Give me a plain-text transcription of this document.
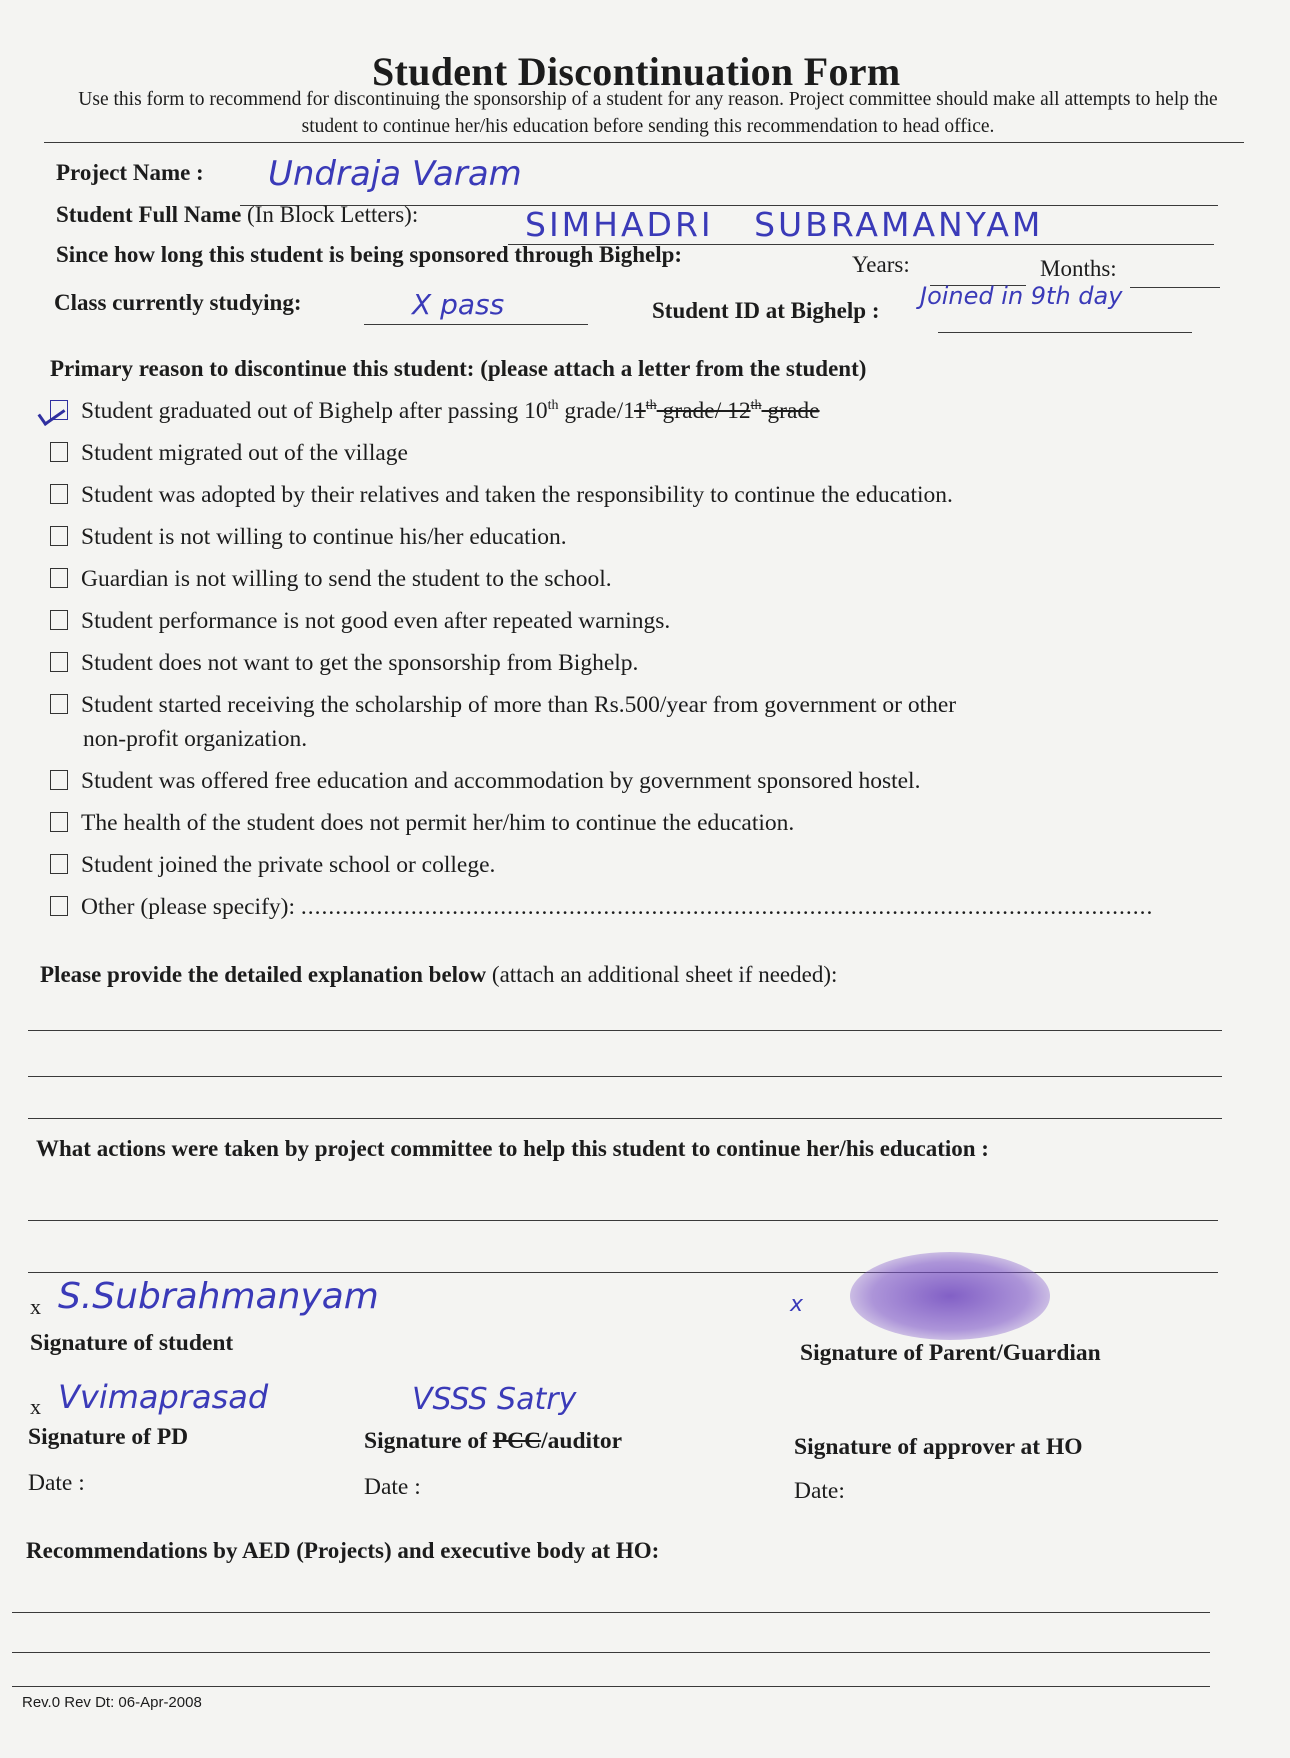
Student Discontinuation Form
Use this form to recommend for discontinuing the sponsorship of a student for any reason. Project committee should make all attempts to help the student to continue her/his education before sending this recommendation to head office.
Project Name : Undraja Varam
Student Full Name (In Block Letters):	SIMHADRI   SUBRAMANYAM
Since how long this student is being sponsored through Bighelp:	Years:	Months:
Class currently studying:	X pass	Student ID at Bighelp :
Joined in 9th day
Primary reason to discontinue this student: (please attach a letter from the student)
Student graduated out of Bighelp after passing 10th grade/11th grade/ 12th grade
Student migrated out of the village
Student was adopted by their relatives and taken the responsibility to continue the education.
Student is not willing to continue his/her education.
Guardian is not willing to send the student to the school.
Student performance is not good even after repeated warnings.
Student does not want to get the sponsorship from Bighelp.
Student started receiving the scholarship of more than Rs.500/year from government or other
non-profit organization.
Student was offered free education and accommodation by government sponsored hostel.
The health of the student does not permit her/him to continue the education.
Student joined the private school or college.
Other (please specify): ............................................................................................................................
Please provide the detailed explanation below (attach an additional sheet if needed):
What actions were taken by project committee to help this student to continue her/his education :
x S.Subrahmanyam
Signature of student
x
Signature of Parent/Guardian
x Vvimaprasad
Signature of PD
Date :
VSSS Satry
Signature of PCC/auditor
Date :
Signature of approver at HO
Date:
Recommendations by AED (Projects) and executive body at HO:
Rev.0 Rev Dt: 06-Apr-2008
